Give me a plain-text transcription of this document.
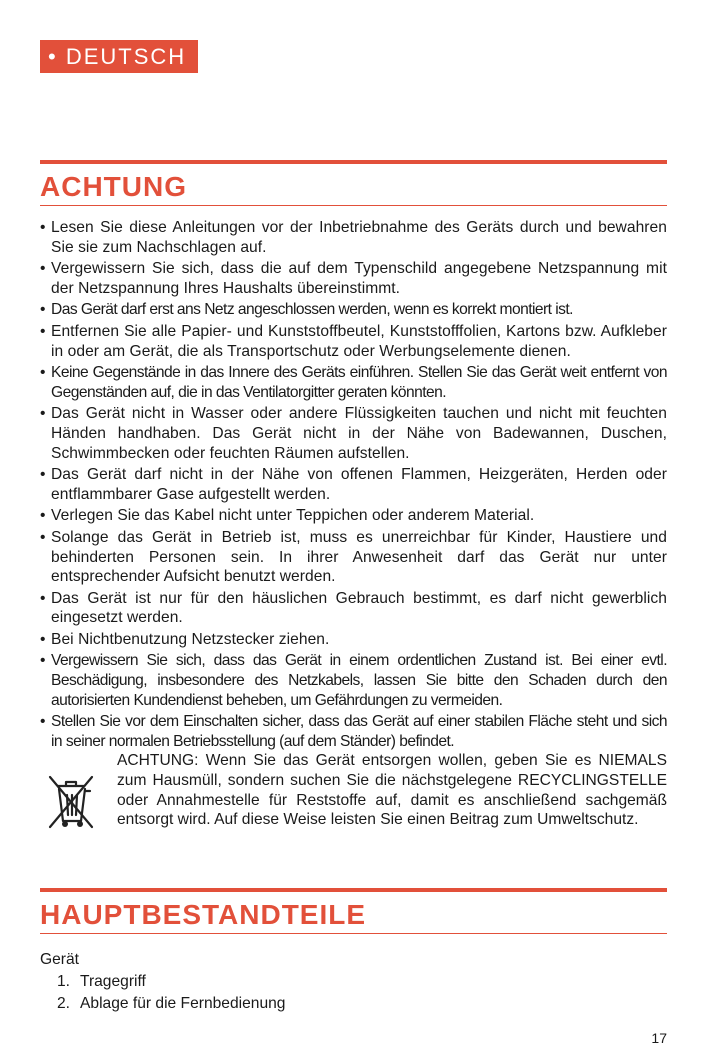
• DEUTSCH
ACHTUNG
• Lesen Sie diese Anleitungen vor der Inbetriebnahme des Geräts durch und bewahren Sie sie zum Nachschlagen auf.
• Vergewissern Sie sich, dass die auf dem Typenschild angegebene Netzspannung mit der Netzspannung Ihres Haushalts übereinstimmt.
• Das Gerät darf erst ans Netz angeschlossen werden, wenn es korrekt montiert ist.
• Entfernen Sie alle Papier- und Kunststoffbeutel, Kunststofffolien, Kartons bzw. Aufkleber in oder am Gerät, die als Transportschutz oder Werbungselemente dienen.
• Keine Gegenstände in das Innere des Geräts einführen. Stellen Sie das Gerät weit entfernt von Gegenständen auf, die in das Ventilatorgitter geraten könnten.
• Das Gerät nicht in Wasser oder andere Flüssigkeiten tauchen und nicht mit feuchten Händen handhaben. Das Gerät nicht in der Nähe von Badewannen, Duschen, Schwimmbecken oder feuchten Räumen aufstellen.
• Das Gerät darf nicht in der Nähe von offenen Flammen, Heizgeräten, Herden oder entflammbarer Gase aufgestellt werden.
• Verlegen Sie das Kabel nicht unter Teppichen oder anderem Material.
• Solange das Gerät in Betrieb ist, muss es unerreichbar für Kinder, Haustiere und behinderten Personen sein. In ihrer Anwesenheit darf das Gerät nur unter entsprechender Aufsicht benutzt werden.
• Das Gerät ist nur für den häuslichen Gebrauch bestimmt, es darf nicht gewerblich eingesetzt werden.
• Bei Nichtbenutzung Netzstecker ziehen.
• Vergewissern Sie sich, dass das Gerät in einem ordentlichen Zustand ist. Bei einer evtl. Beschädigung, insbesondere des Netzkabels, lassen Sie bitte den Schaden durch den autorisierten Kundendienst beheben, um Gefährdungen zu vermeiden.
• Stellen Sie vor dem Einschalten sicher, dass das Gerät auf einer stabilen Fläche steht und sich in seiner normalen Betriebsstellung (auf dem Ständer) befindet.
ACHTUNG: Wenn Sie das Gerät entsorgen wollen, geben Sie es NIEMALS zum Hausmüll, sondern suchen Sie die nächstgelegene RECYCLINGSTELLE oder Annahmestelle für Reststoffe auf, damit es anschließend sachgemäß entsorgt wird. Auf diese Weise leisten Sie einen Beitrag zum Umweltschutz.
HAUPTBESTANDTEILE
Gerät
1. Tragegriff
2. Ablage für die Fernbedienung
17
